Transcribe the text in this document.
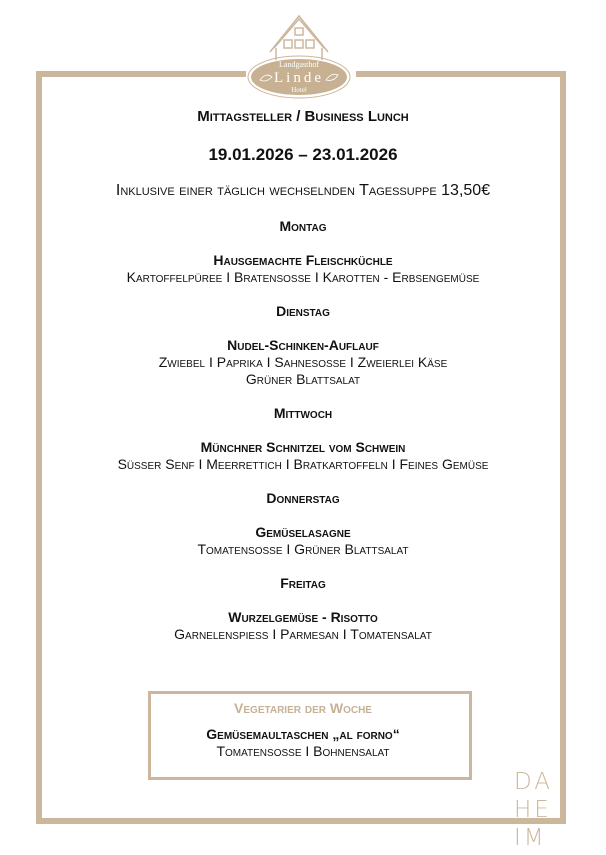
Landgasthof
Linde
Hotel
Mittagsteller / Business Lunch
19.01.2026 – 23.01.2026
Inklusive einer täglich wechselnden Tagessuppe 13,50€
Montag
Hausgemachte Fleischküchle
Kartoffelpüree I Bratensoße I Karotten - Erbsengemüse
Dienstag
Nudel-Schinken-Auflauf
Zwiebel I Paprika I Sahnesoße I Zweierlei Käse
Grüner Blattsalat
Mittwoch
Münchner Schnitzel vom Schwein
Süßer Senf I Meerrettich I Bratkartoffeln I Feines Gemüse
Donnerstag
Gemüselasagne
Tomatensoße I Grüner Blattsalat
Freitag
Wurzelgemüse - Risotto
Garnelenspieß I Parmesan I Tomatensalat
Vegetarier der Woche
Gemüsemaultaschen „al forno“
Tomatensoße I Bohnensalat
DA
HE
IM
